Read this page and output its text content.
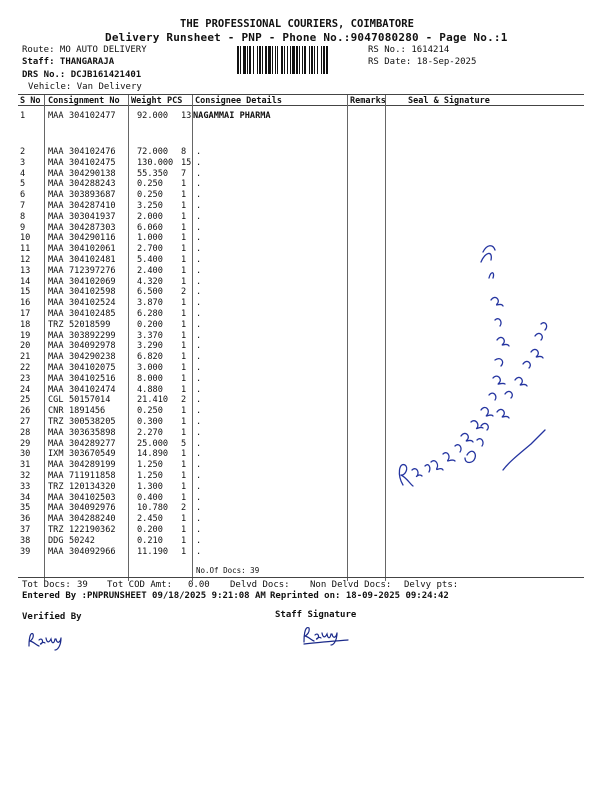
THE PROFESSIONAL COURIERS, COIMBATORE
Delivery Runsheet - PNP - Phone No.:9047080280 - Page No.:1
Route: MO AUTO DELIVERY
Staff: THANGARAJA
DRS No.: DCJB161421401
Vehicle: Van Delivery
RS No.: 1614214
RS Date: 18-Sep-2025
S No Consignment No Weight PCS Consignee Details	Remarks	Seal & Signature
1	MAA 304102477 92.000 13 NAGAMMAI PHARMA
2	MAA 304102476 72.000 8 .
3	MAA 304102475 130.000 15 .
4	MAA 304290138 55.350 7 .
5	MAA 304288243 0.250 1 .
6	MAA 303893687 0.250 1 .
7	MAA 304287410 3.250 1 .
8	MAA 303041937 2.000 1 .
9	MAA 304287303 6.060 1 .
10 MAA 304290116 1.000 1 .
11 MAA 304102061 2.700 1 .
12 MAA 304102481 5.400 1 .
13 MAA 712397276 2.400 1 .
14 MAA 304102069 4.320 1 .
15 MAA 304102598 6.500 2 .
16 MAA 304102524 3.870 1 .
17 MAA 304102485 6.280 1 .
18 TRZ 52018599	0.200 1 .
19 MAA 303892299 3.370 1 .
20 MAA 304092978 3.290 1 .
21 MAA 304290238 6.820 1 .
22 MAA 304102075 3.000 1 .
23 MAA 304102516 8.000 1 .
24 MAA 304102474 4.880 1 .
25 CGL 50157014	21.410 2 .
26 CNR 1891456	0.250 1 .
27 TRZ 300538205 0.300 1 .
28 MAA 303635898 2.270 1 .
29 MAA 304289277 25.000 5 .
30 IXM 303670549 14.890 1 .
31 MAA 304289199 1.250 1 .
32 MAA 711911858 1.250 1 .
33 TRZ 120134320 1.300 1 .
34 MAA 304102503 0.400 1 .
35 MAA 304092976 10.780 2 .
36 MAA 304288240 2.450 1 .
37 TRZ 122190362 0.200 1 .
38 DDG 50242	0.210 1 .
39 MAA 304092966 11.190 1 .
No.Of Docs: 39
Tot Docs: 39 Tot COD Amt: 0.00 Delvd Docs: Non Delvd Docs: Delvy pts:
Entered By :PNPRUNSHEET 09/18/2025 9:21:08 AM Reprinted on: 18-09-2025 09:24:42
Verified By	Staff Signature
